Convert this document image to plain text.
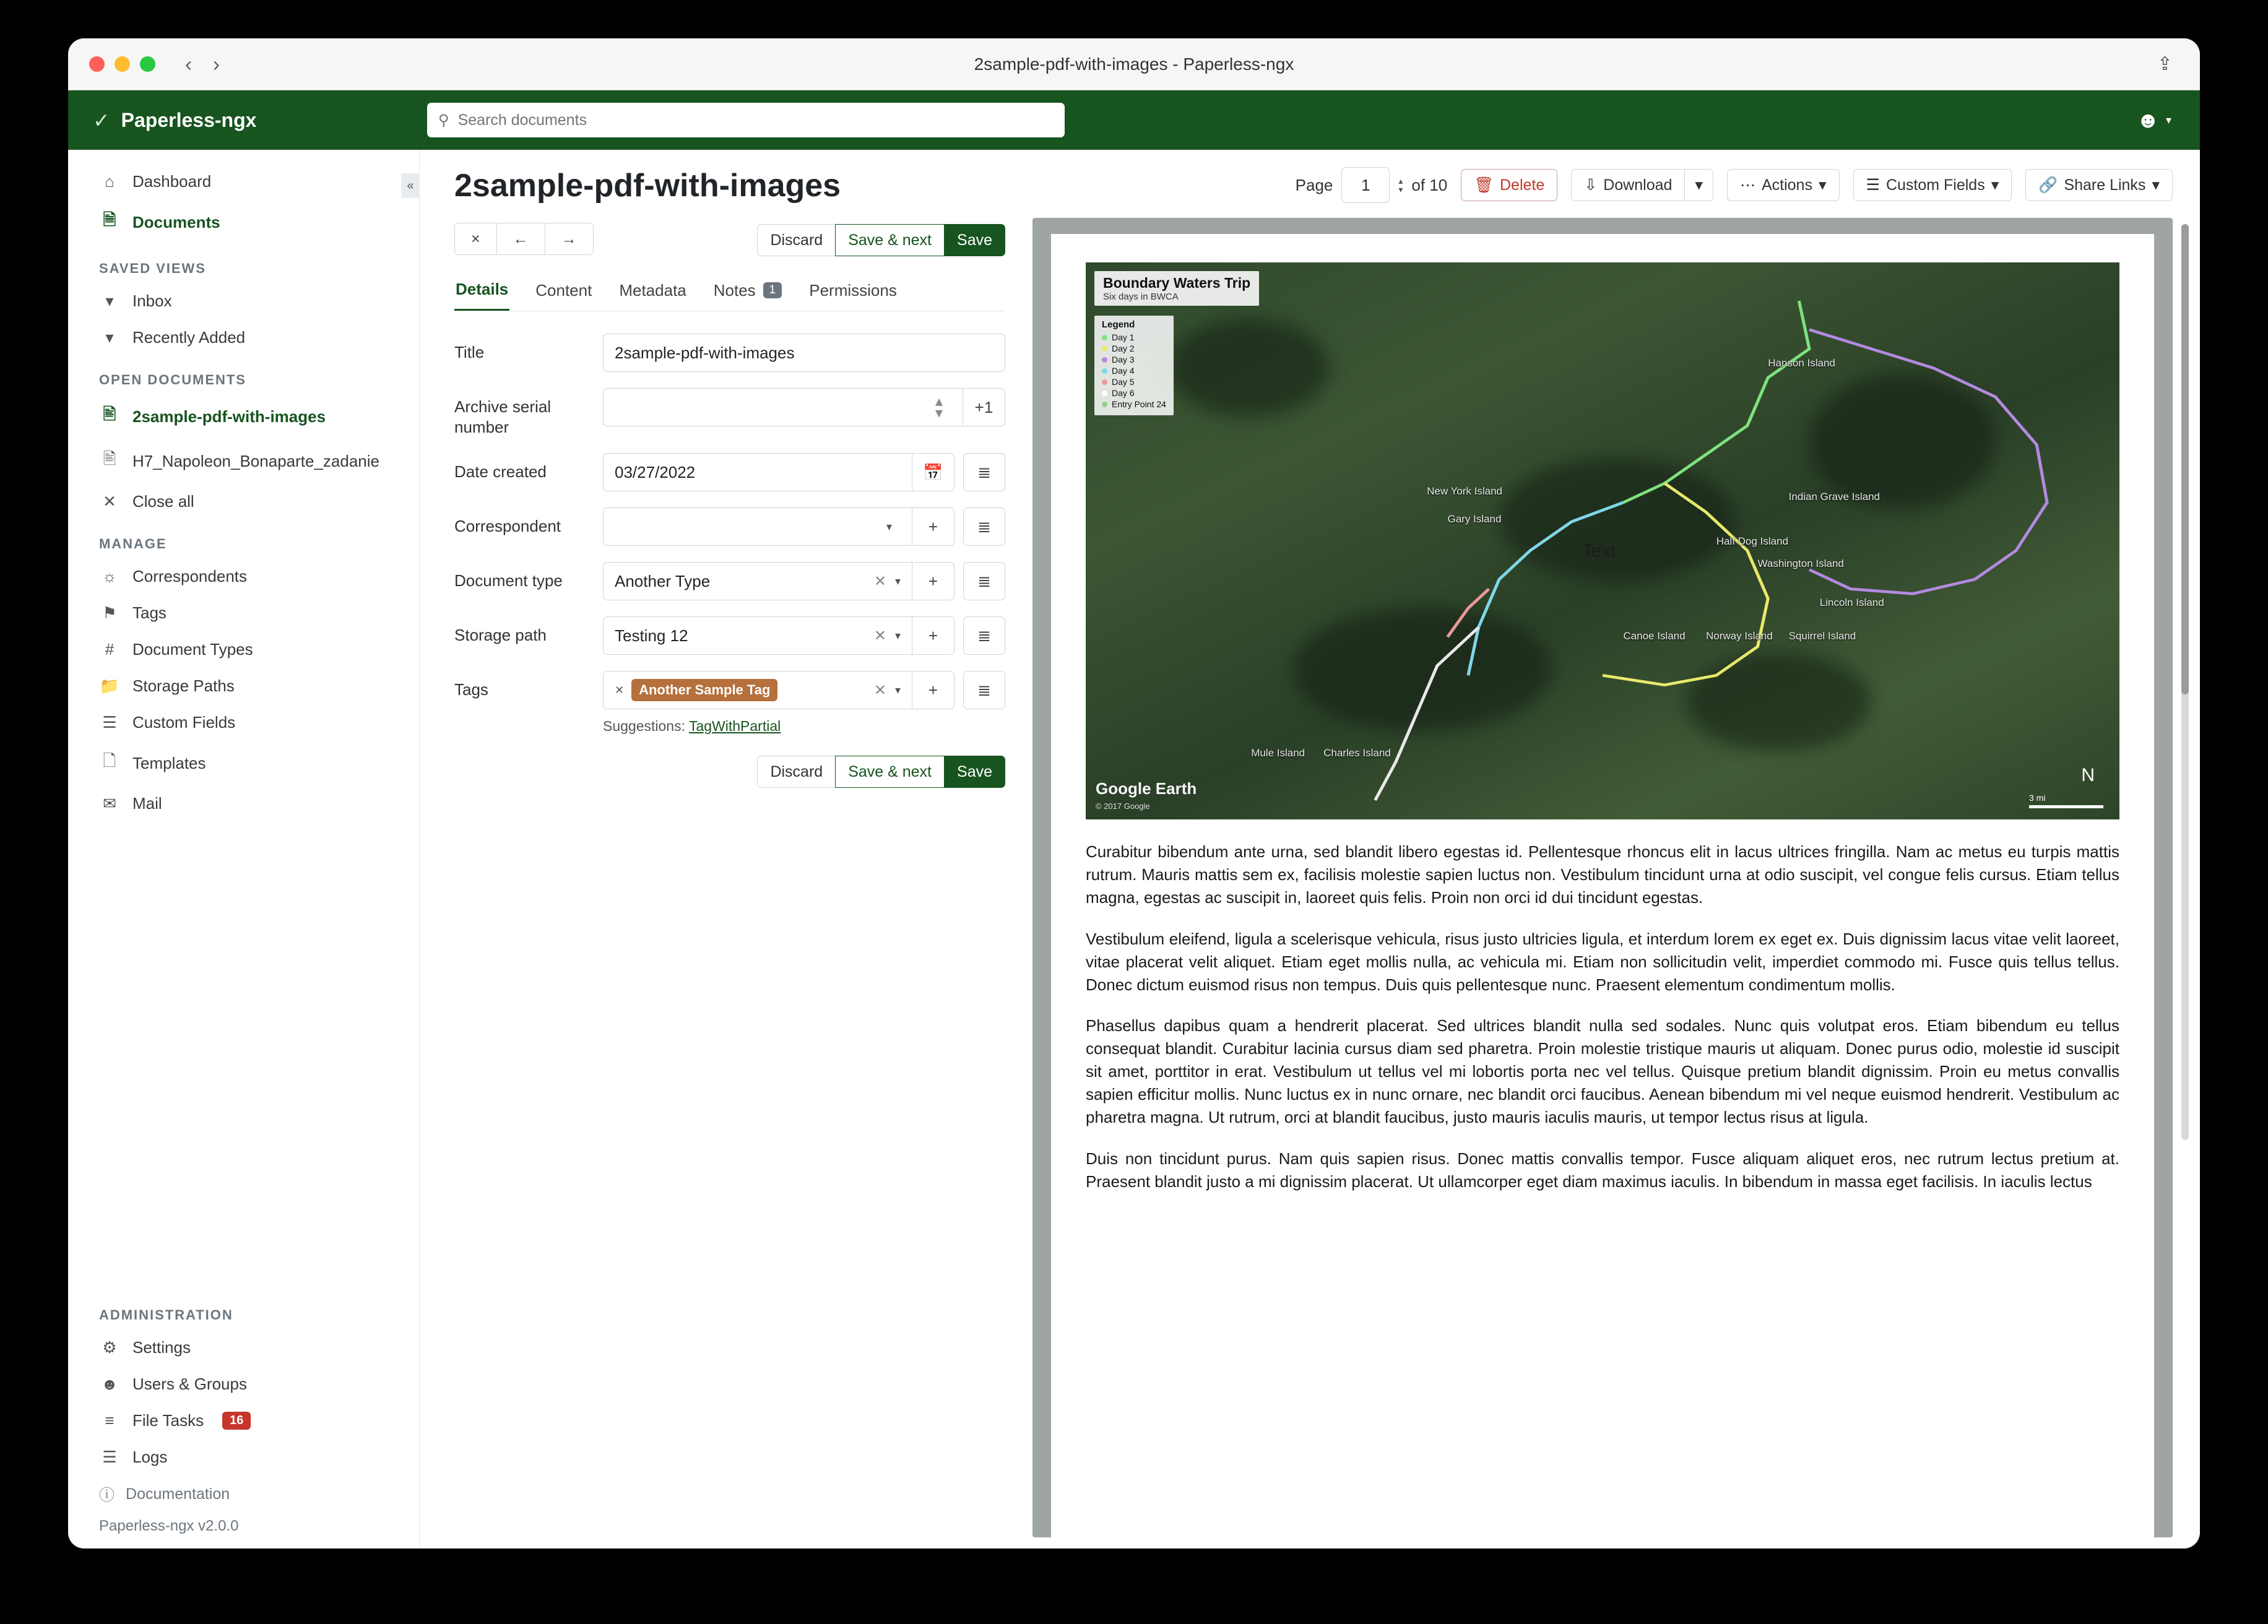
‹ ›	2sample-pdf-with-images - Paperless-ngx	⇪
✓ Paperless-ngx	⚲
Search documents	☻ ▾
«
⌂	Dashboard
🗎 Documents
SAVED VIEWS
▾	Inbox
▾	Recently Added
OPEN DOCUMENTS
🖹 2sample-pdf-with-images
🖹 H7_Napoleon_Bonaparte_zadanie
✕ Close all
MANAGE
☼ Correspondents
⚑ Tags
#	Document Types
📁 Storage Paths
☰ Custom Fields
🗋 Templates
✉ Mail
ADMINISTRATION
⚙ Settings
☻ Users & Groups
≡	File Tasks	16
☰ Logs
ⓘ Documentation
Paperless-ngx v2.0.0
2sample-pdf-with-images
×	←	→	Discard	Save & next	Save
Details Content Metadata Notes	1	Permissions
Title	2sample-pdf-with-images
Archive serial number
▴
▾	+1
Date created	03/27/2022	📅	≣
Correspondent	▾	+	≣
Document type	Another Type	✕ ▾	+	≣
Storage path	Testing 12	✕ ▾	+	≣
Tags	✕	Another Sample Tag	✕ ▾	+	≣
Suggestions: TagWithPartial
Discard	Save & next	Save
Page 1	▴
▾ of 10 🗑 Delete	⇩ Download ▾ ⋯ Actions ▾	☰ Custom Fields ▾	🔗 Share Links ▾
Boundary Waters Trip
Six days in BWCA
Legend
Day 1
Day 2
Day 3
Day 4
Day 5
Day 6
Entry Point 24
Hanson Island
New York Island
Gary Island
Indian Grave Island
Half Dog Island
Washington Island
Lincoln Island
Canoe Island Norway Island Squirrel Island
Mule Island Charles Island
Text
Google Earth
© 2017 Google
N
3 mi

Curabitur bibendum ante urna, sed blandit libero egestas id. Pellentesque rhoncus elit in lacus ultrices fringilla. Nam ac metus eu turpis mattis rutrum. Mauris mattis sem ex, facilisis molestie sapien luctus non. Vestibulum tincidunt urna at odio suscipit, vel congue felis cursus. Etiam tellus magna, egestas ac suscipit in, laoreet quis felis. Proin non orci id dui tincidunt egestas.

Vestibulum eleifend, ligula a scelerisque vehicula, risus justo ultricies ligula, et interdum lorem ex eget ex. Duis dignissim lacus vitae velit laoreet, vitae placerat velit aliquet. Etiam eget mollis nulla, ac vehicula mi. Etiam non sollicitudin velit, imperdiet commodo mi. Fusce quis tellus tellus. Donec dictum euismod risus non tempus. Duis quis pellentesque nunc. Praesent elementum condimentum mollis.

Phasellus dapibus quam a hendrerit placerat. Sed ultrices blandit nulla sed sodales. Nunc quis volutpat eros. Etiam bibendum eu tellus consequat blandit. Curabitur lacinia cursus diam sed pharetra. Proin molestie tristique mauris ut aliquam. Donec purus odio, molestie id suscipit sit amet, porttitor in erat. Vestibulum ut tellus vel mi lobortis porta nec vel tellus. Quisque pretium blandit dignissim. Proin eu metus convallis sapien efficitur mollis. Nunc luctus ex in nunc ornare, nec blandit orci faucibus. Aenean bibendum mi vel neque euismod hendrerit. Vestibulum ac pharetra magna. Ut rutrum, orci at blandit faucibus, justo mauris iaculis mauris, ut tempor lectus risus at ligula.

Duis non tincidunt purus. Nam quis sapien risus. Donec mattis convallis tempor. Fusce aliquam aliquet eros, nec rutrum lectus pretium at. Praesent blandit justo a mi dignissim placerat. Ut ullamcorper eget diam maximus iaculis. In bibendum in massa eget facilisis. In iaculis lectus
